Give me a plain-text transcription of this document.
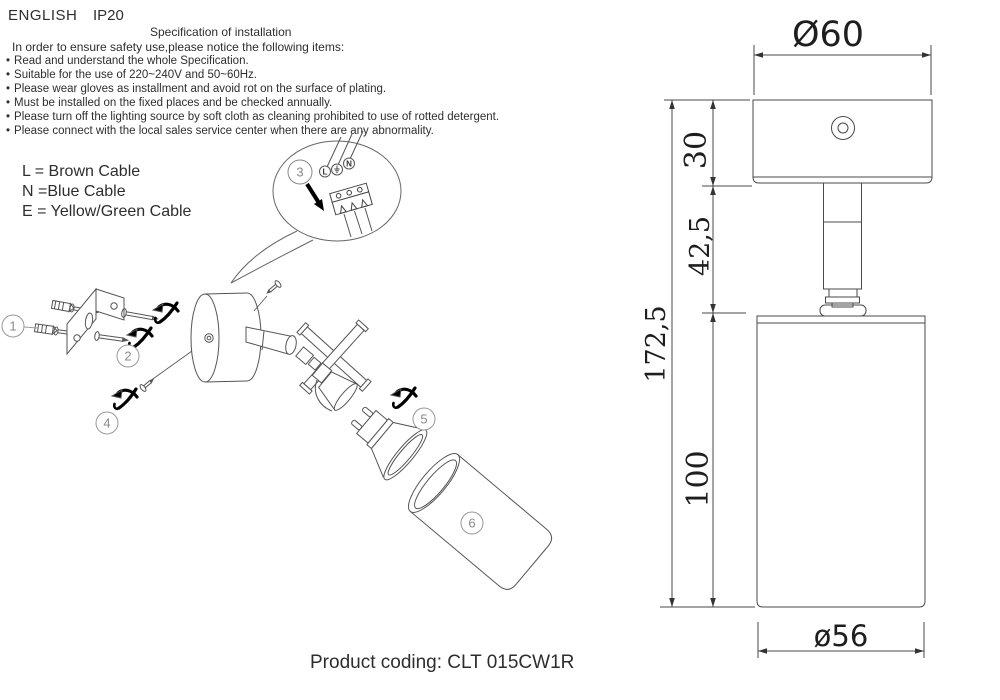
ENGLISH IP20
Specification of installation
In order to ensure safety use,please notice the following items:
• Read and understand the whole Specification.
• Suitable for the use of 220~240V and 50~60Hz.
• Please wear gloves as installment and avoid rot on the surface of plating.
• Must be installed on the fixed places and be checked annually.
• Please turn off the lighting source by soft cloth as cleaning prohibited to use of rotted detergent.
• Please connect with the local sales service center when there are any abnormality.
L = Brown Cable
N =Blue Cable
E = Yellow/Green Cable
Product coding: CLT 015CW1R
1
2
4	5
6
L
N
3
Ø60
ø56
172,5
30
42,5
100
